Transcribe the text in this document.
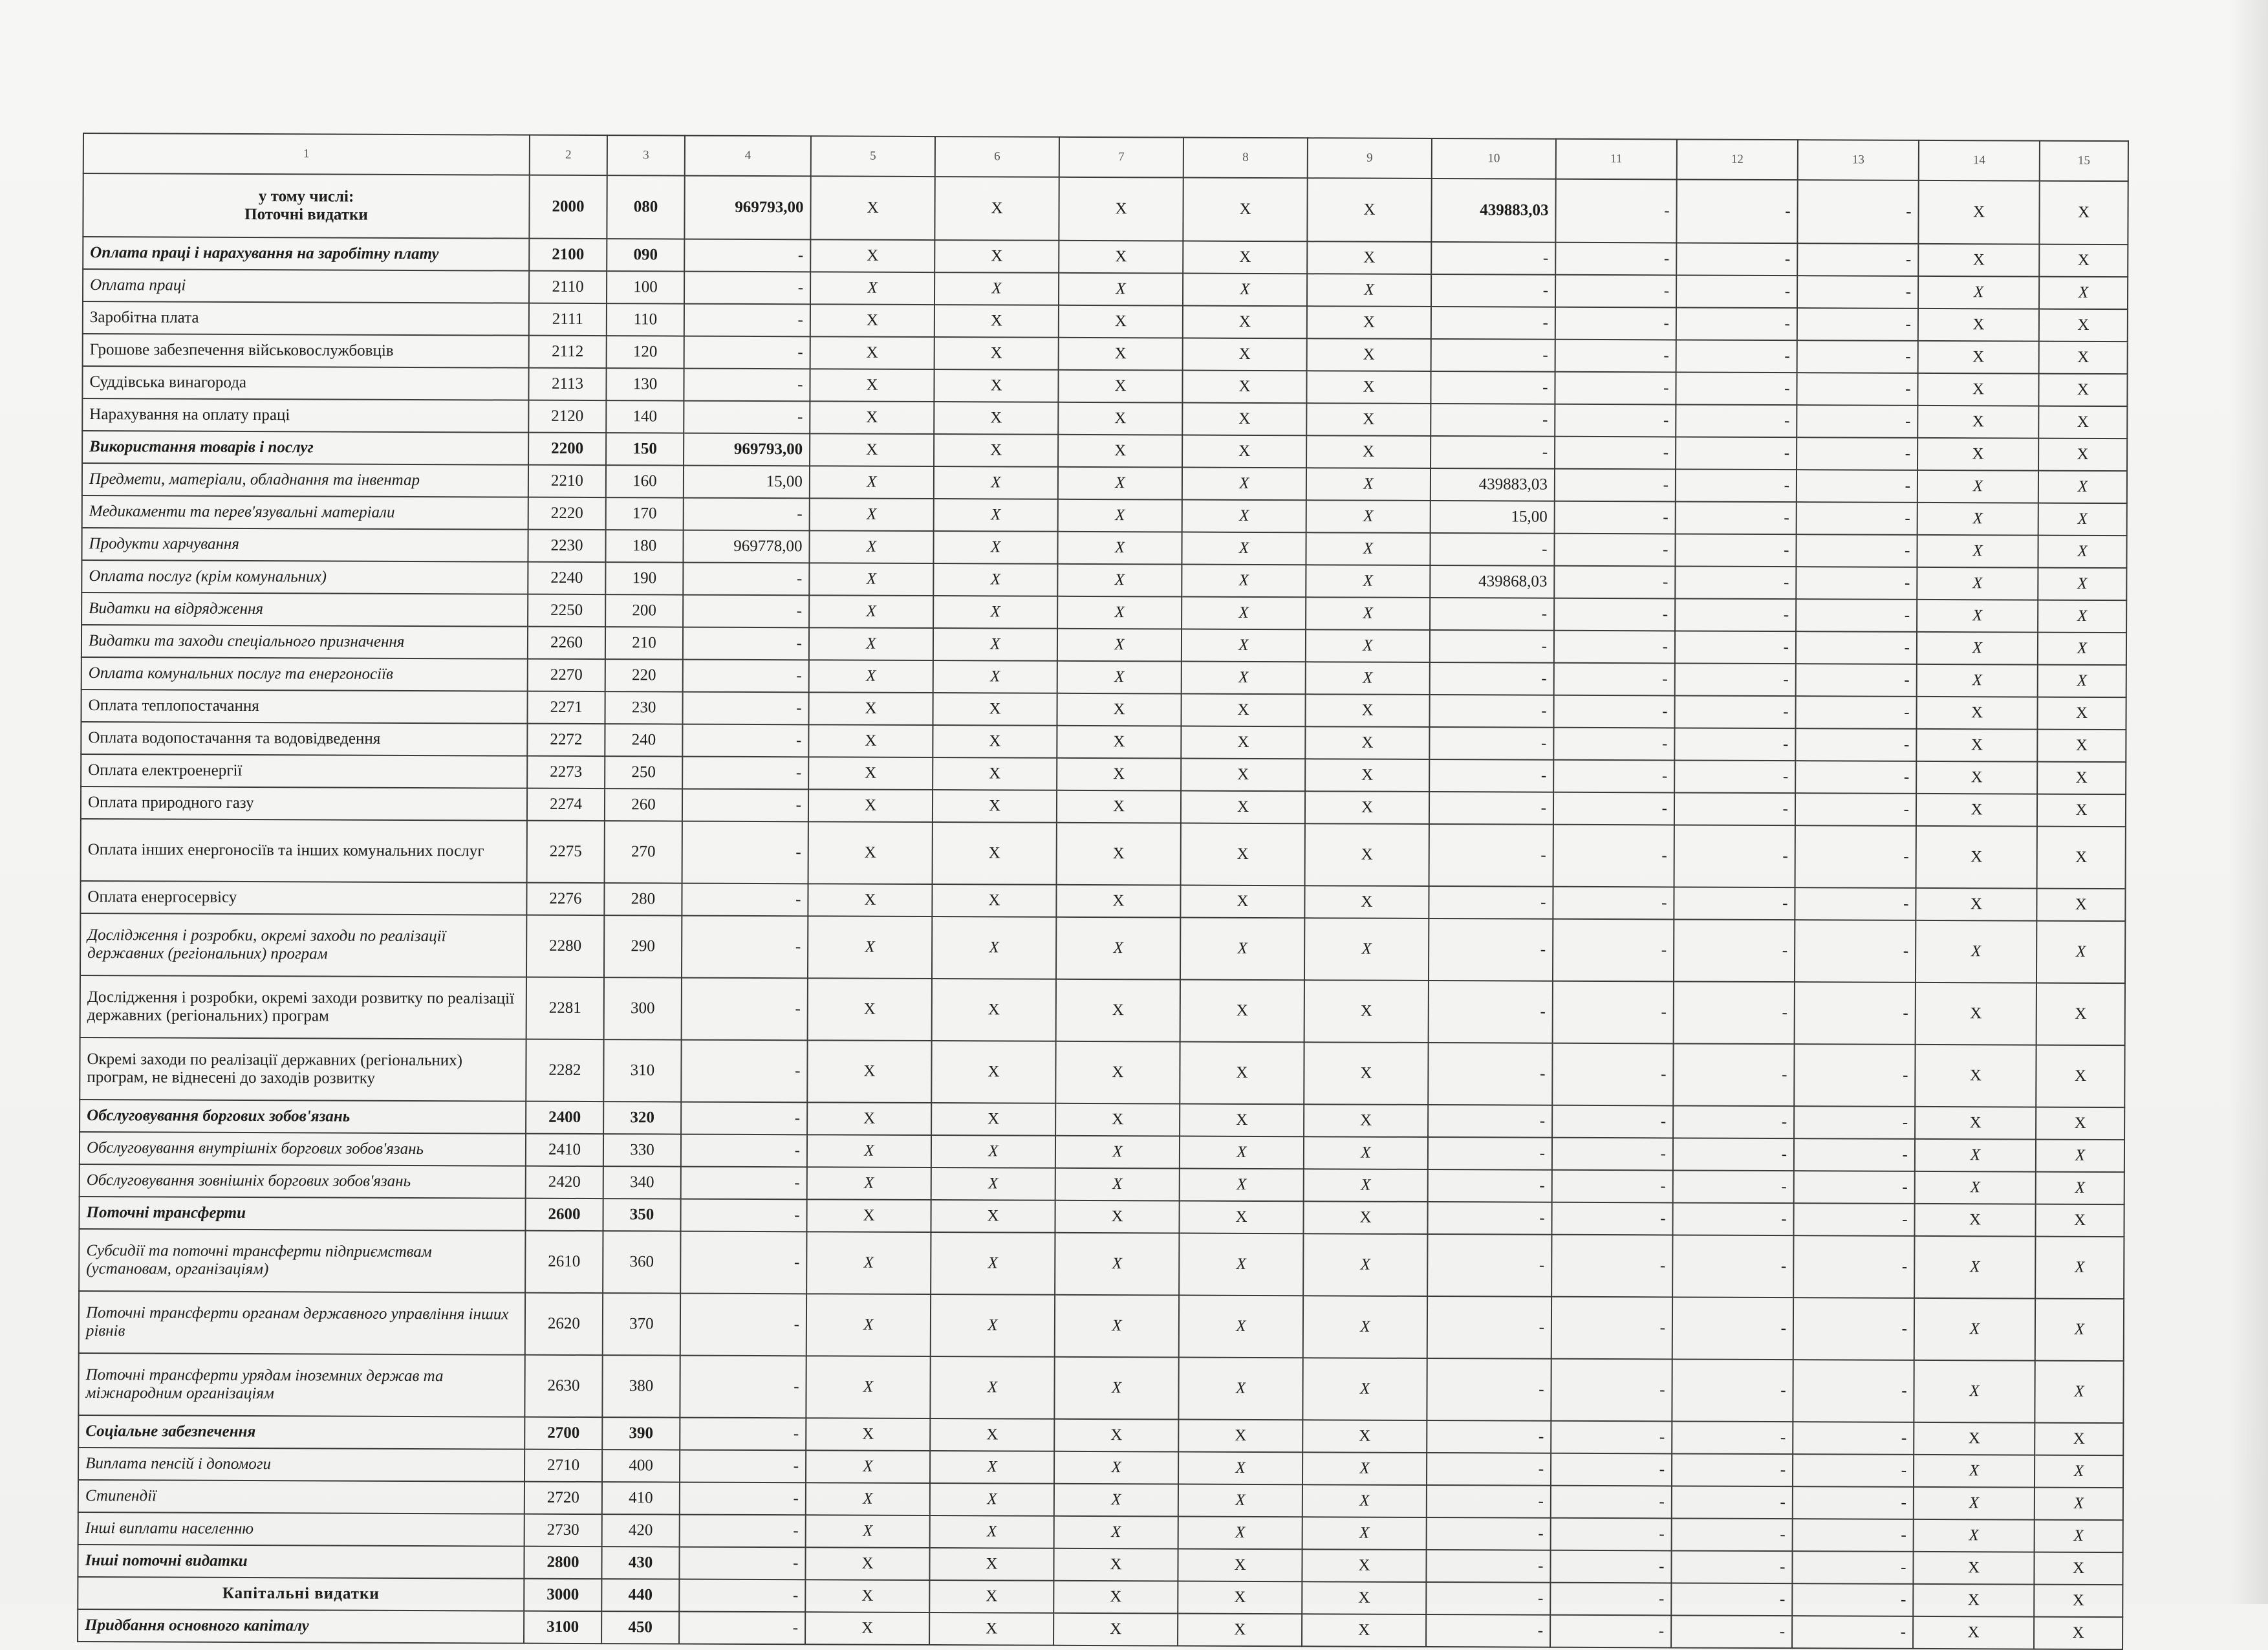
1	2	3	4	5	6	7	8	9	10	11	12	13	14	15
у тому числі:
Поточні видатки	2000	080	969793,00	Х	Х	Х	Х	Х	439883,03	-	-	-	Х	Х
Оплата праці і нарахування на заробітну плату	2100	090	-	Х	Х	Х	Х	Х	-	-	-	-	Х	Х
Оплата праці	2110	100	-	Х	Х	Х	Х	Х	-	-	-	-	Х	Х
Заробітна плата	2111	110	-	Х	Х	Х	Х	Х	-	-	-	-	Х	Х
Грошове забезпечення військовослужбовців	2112	120	-	Х	Х	Х	Х	Х	-	-	-	-	Х	Х
Суддівська винагорода	2113	130	-	Х	Х	Х	Х	Х	-	-	-	-	Х	Х
Нарахування на оплату праці	2120	140	-	Х	Х	Х	Х	Х	-	-	-	-	Х	Х
Використання товарів і послуг	2200	150	969793,00	Х	Х	Х	Х	Х	-	-	-	-	Х	Х
Предмети, матеріали, обладнання та інвентар	2210	160	15,00	Х	Х	Х	Х	Х	439883,03	-	-	-	Х	Х
Медикаменти та перев'язувальні матеріали	2220	170	-	Х	Х	Х	Х	Х	15,00	-	-	-	Х	Х
Продукти харчування	2230	180	969778,00	Х	Х	Х	Х	Х	-	-	-	-	Х	Х
Оплата послуг (крім комунальних)	2240	190	-	Х	Х	Х	Х	Х	439868,03	-	-	-	Х	Х
Видатки на відрядження	2250	200	-	Х	Х	Х	Х	Х	-	-	-	-	Х	Х
Видатки та заходи спеціального призначення	2260	210	-	Х	Х	Х	Х	Х	-	-	-	-	Х	Х
Оплата комунальних послуг та енергоносіїв	2270	220	-	Х	Х	Х	Х	Х	-	-	-	-	Х	Х
Оплата теплопостачання	2271	230	-	Х	Х	Х	Х	Х	-	-	-	-	Х	Х
Оплата водопостачання та водовідведення	2272	240	-	Х	Х	Х	Х	Х	-	-	-	-	Х	Х
Оплата електроенергії	2273	250	-	Х	Х	Х	Х	Х	-	-	-	-	Х	Х
Оплата природного газу	2274	260	-	Х	Х	Х	Х	Х	-	-	-	-	Х	Х
Оплата інших енергоносіїв та інших комунальних послуг	2275	270	-	Х	Х	Х	Х	Х	-	-	-	-	Х	Х
Оплата енергосервісу	2276	280	-	Х	Х	Х	Х	Х	-	-	-	-	Х	Х
Дослідження і розробки, окремі заходи по реалізації державних (регіональних) програм	2280	290	-	Х	Х	Х	Х	Х	-	-	-	-	Х	Х
Дослідження і розробки, окремі заходи розвитку по реалізації державних (регіональних) програм	2281	300	-	Х	Х	Х	Х	Х	-	-	-	-	Х	Х
Окремі заходи по реалізації державних (регіональних) програм, не віднесені до заходів розвитку	2282	310	-	Х	Х	Х	Х	Х	-	-	-	-	Х	Х
Обслуговування боргових зобов'язань	2400	320	-	Х	Х	Х	Х	Х	-	-	-	-	Х	Х
Обслуговування внутрішніх боргових зобов'язань	2410	330	-	Х	Х	Х	Х	Х	-	-	-	-	Х	Х
Обслуговування зовнішніх боргових зобов'язань	2420	340	-	Х	Х	Х	Х	Х	-	-	-	-	Х	Х
Поточні трансферти	2600	350	-	Х	Х	Х	Х	Х	-	-	-	-	Х	Х
Субсидії та поточні трансферти підприємствам (установам, організаціям)	2610	360	-	Х	Х	Х	Х	Х	-	-	-	-	Х	Х
Поточні трансферти органам державного управління інших рівнів	2620	370	-	Х	Х	Х	Х	Х	-	-	-	-	Х	Х
Поточні трансферти урядам іноземних держав та міжнародним організаціям	2630	380	-	Х	Х	Х	Х	Х	-	-	-	-	Х	Х
Соціальне забезпечення	2700	390	-	Х	Х	Х	Х	Х	-	-	-	-	Х	Х
Виплата пенсій і допомоги	2710	400	-	Х	Х	Х	Х	Х	-	-	-	-	Х	Х
Стипендії	2720	410	-	Х	Х	Х	Х	Х	-	-	-	-	Х	Х
Інші виплати населенню	2730	420	-	Х	Х	Х	Х	Х	-	-	-	-	Х	Х
Інші поточні видатки	2800	430	-	Х	Х	Х	Х	Х	-	-	-	-	Х	Х
Капітальні видатки	3000	440	-	Х	Х	Х	Х	Х	-	-	-	-	Х	Х
Придбання основного капіталу	3100	450	-	Х	Х	Х	Х	Х	-	-	-	-	Х	Х
